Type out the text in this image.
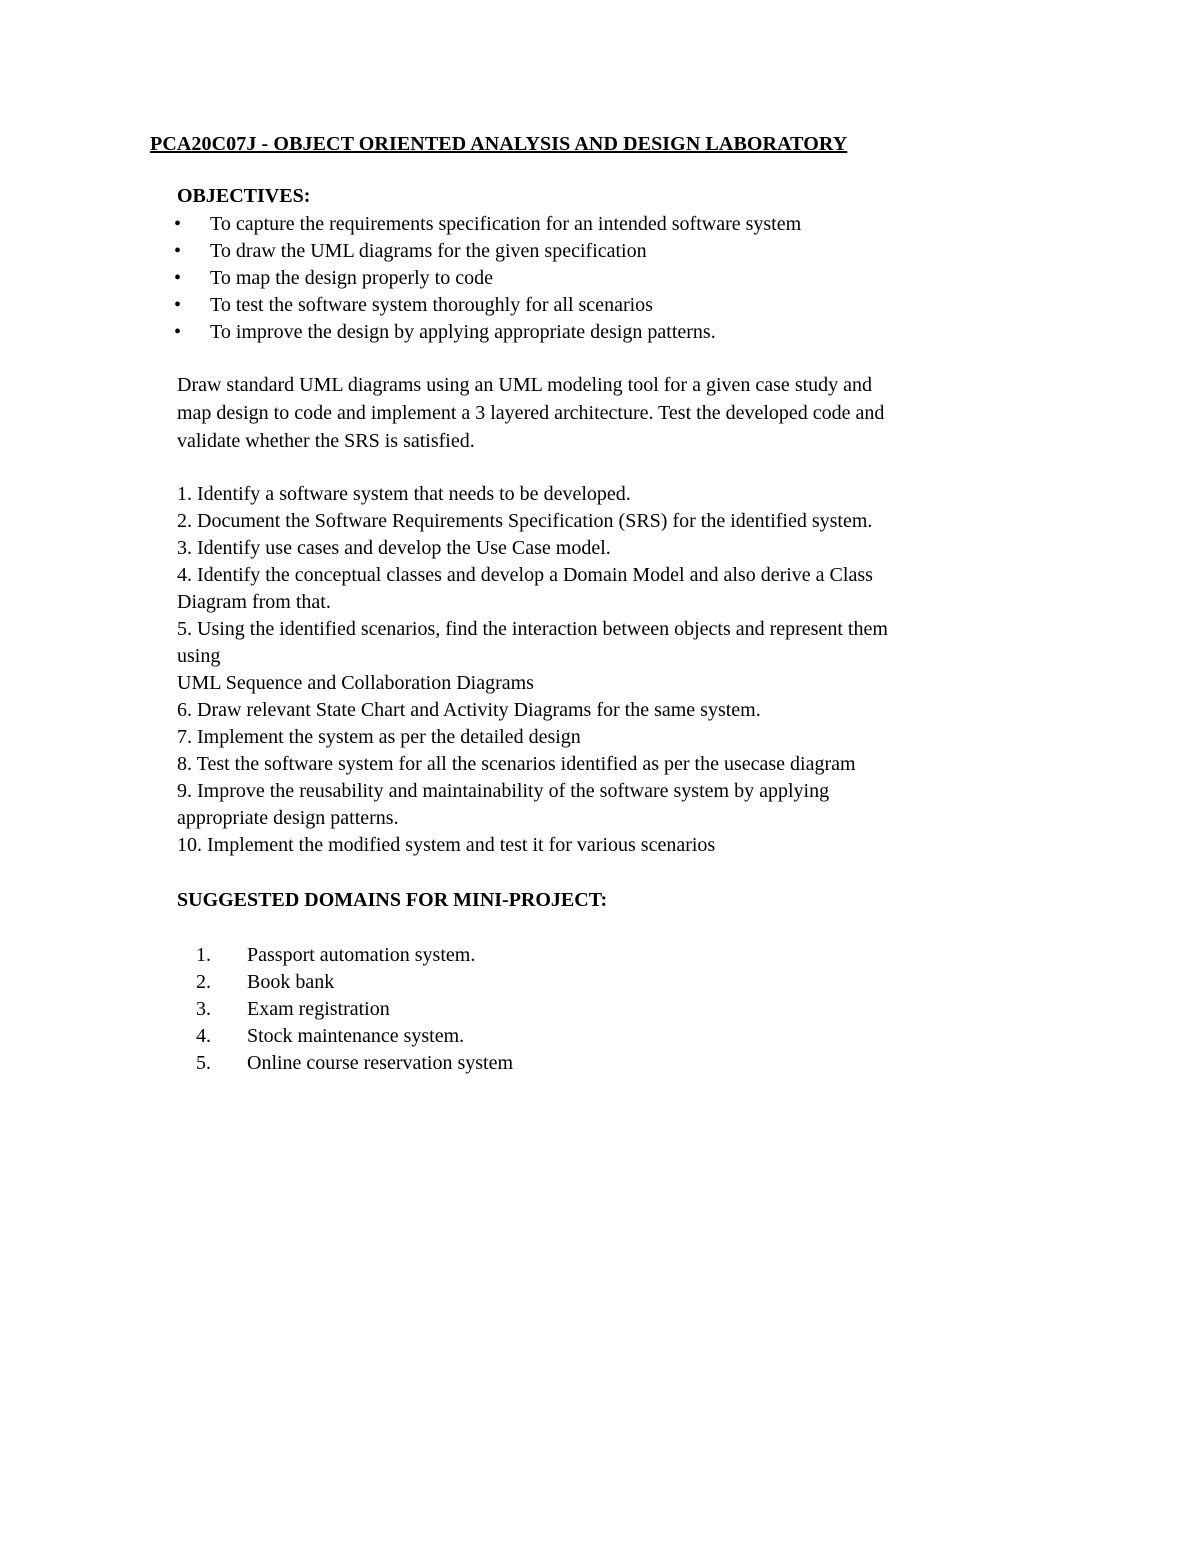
PCA20C07J - OBJECT ORIENTED ANALYSIS AND DESIGN LABORATORY
OBJECTIVES:
• To capture the requirements specification for an intended software system
• To draw the UML diagrams for the given specification
• To map the design properly to code
• To test the software system thoroughly for all scenarios
• To improve the design by applying appropriate design patterns.
Draw standard UML diagrams using an UML modeling tool for a given case study and
map design to code and implement a 3 layered architecture. Test the developed code and
validate whether the SRS is satisfied.
1. Identify a software system that needs to be developed.
2. Document the Software Requirements Specification (SRS) for the identified system.
3. Identify use cases and develop the Use Case model.
4. Identify the conceptual classes and develop a Domain Model and also derive a Class
Diagram from that.
5. Using the identified scenarios, find the interaction between objects and represent them
using
UML Sequence and Collaboration Diagrams
6. Draw relevant State Chart and Activity Diagrams for the same system.
7. Implement the system as per the detailed design
8. Test the software system for all the scenarios identified as per the usecase diagram
9. Improve the reusability and maintainability of the software system by applying
appropriate design patterns.
10. Implement the modified system and test it for various scenarios
SUGGESTED DOMAINS FOR MINI-PROJECT:
1. Passport automation system.
2. Book bank
3. Exam registration
4. Stock maintenance system.
5. Online course reservation system
